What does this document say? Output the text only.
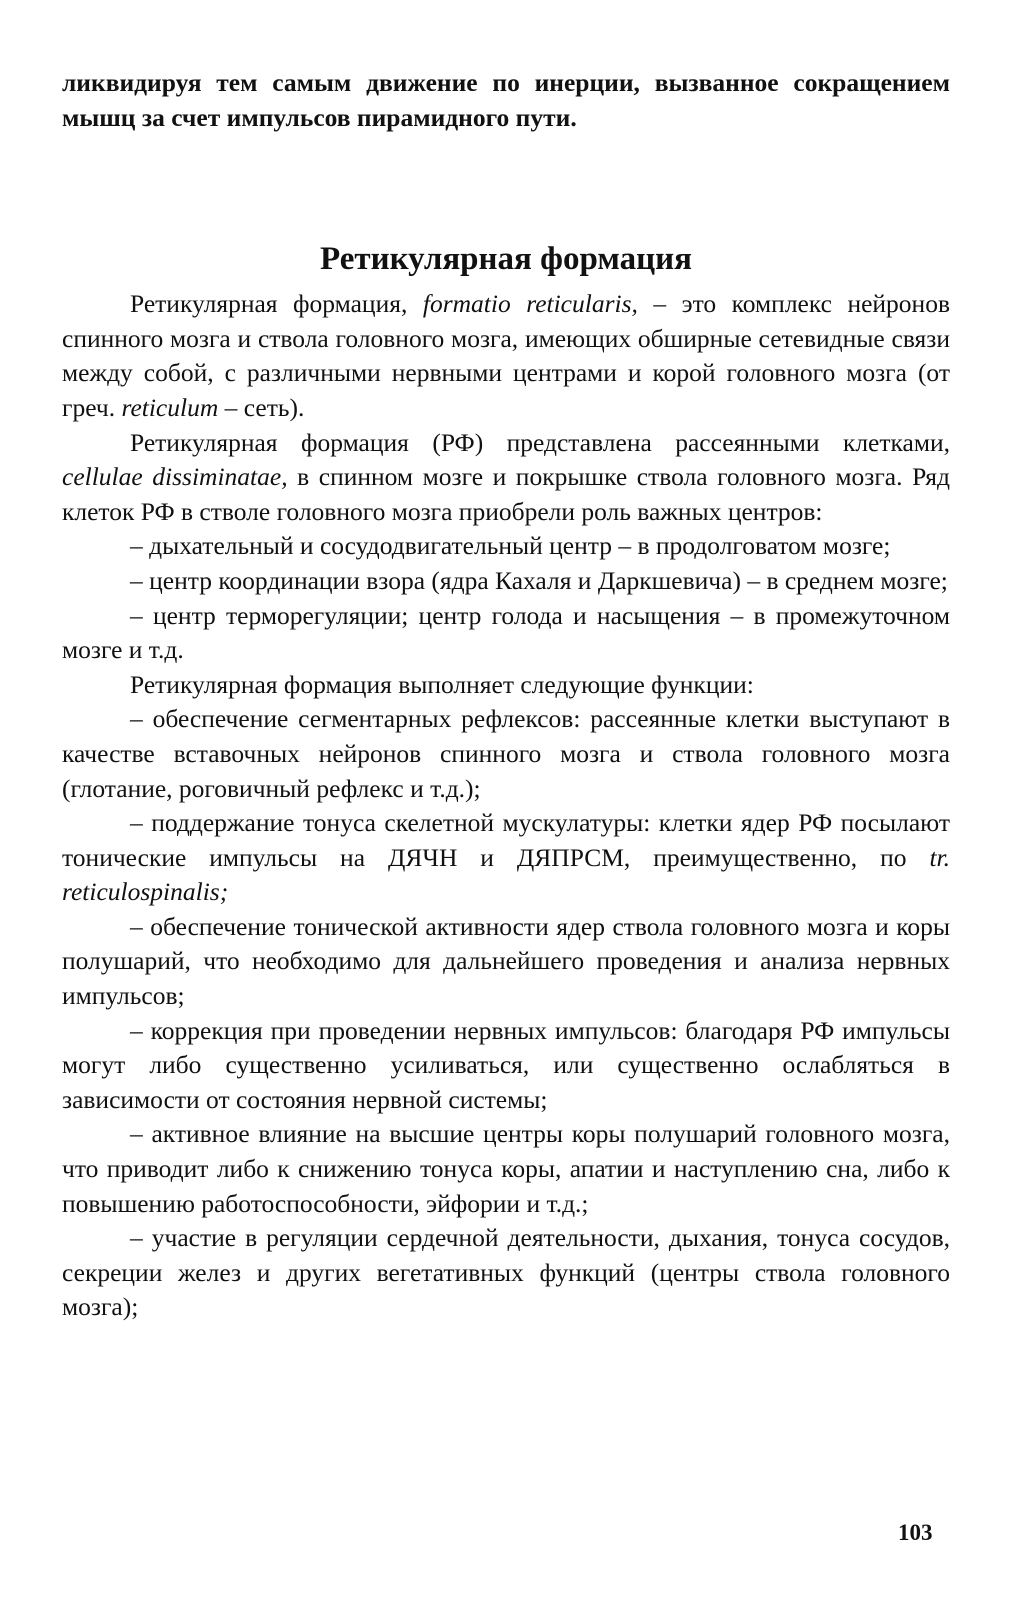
ликвидируя тем самым движение по инерции, вызванное сокращением мышц за счет импульсов пирамидного пути.

Ретикулярная формация

Ретикулярная формация, formatio reticularis, – это комплекс нейронов спинного мозга и ствола головного мозга, имеющих обширные сетевидные связи между собой, с различными нервными центрами и корой головного мозга (от греч. reticulum – сеть).

Ретикулярная формация (РФ) представлена рассеянными клетками, cellulae dissiminatae, в спинном мозге и покрышке ствола головного мозга. Ряд клеток РФ в стволе головного мозга приобрели роль важных центров:

– дыхательный и сосудодвигательный центр – в продолговатом мозге;

– центр координации взора (ядра Кахаля и Даркшевича) – в среднем мозге;

– центр терморегуляции; центр голода и насыщения – в промежуточном мозге и т.д.

Ретикулярная формация выполняет следующие функции:

– обеспечение сегментарных рефлексов: рассеянные клетки выступают в качестве вставочных нейронов спинного мозга и ствола головного мозга (глотание, роговичный рефлекс и т.д.);

– поддержание тонуса скелетной мускулатуры: клетки ядер РФ посылают тонические импульсы на ДЯЧН и ДЯПРСМ, преимущественно, по tr. reticulospinalis;

– обеспечение тонической активности ядер ствола головного мозга и коры полушарий, что необходимо для дальнейшего проведения и анализа нервных импульсов;

– коррекция при проведении нервных импульсов: благодаря РФ импульсы могут либо существенно усиливаться, или существенно ослабляться в зависимости от состояния нервной системы;

– активное влияние на высшие центры коры полушарий головного мозга, что приводит либо к снижению тонуса коры, апатии и наступлению сна, либо к повышению работоспособности, эйфории и т.д.;

– участие в регуляции сердечной деятельности, дыхания, тонуса сосудов, секреции желез и других вегетативных функций (центры ствола головного мозга);

103
